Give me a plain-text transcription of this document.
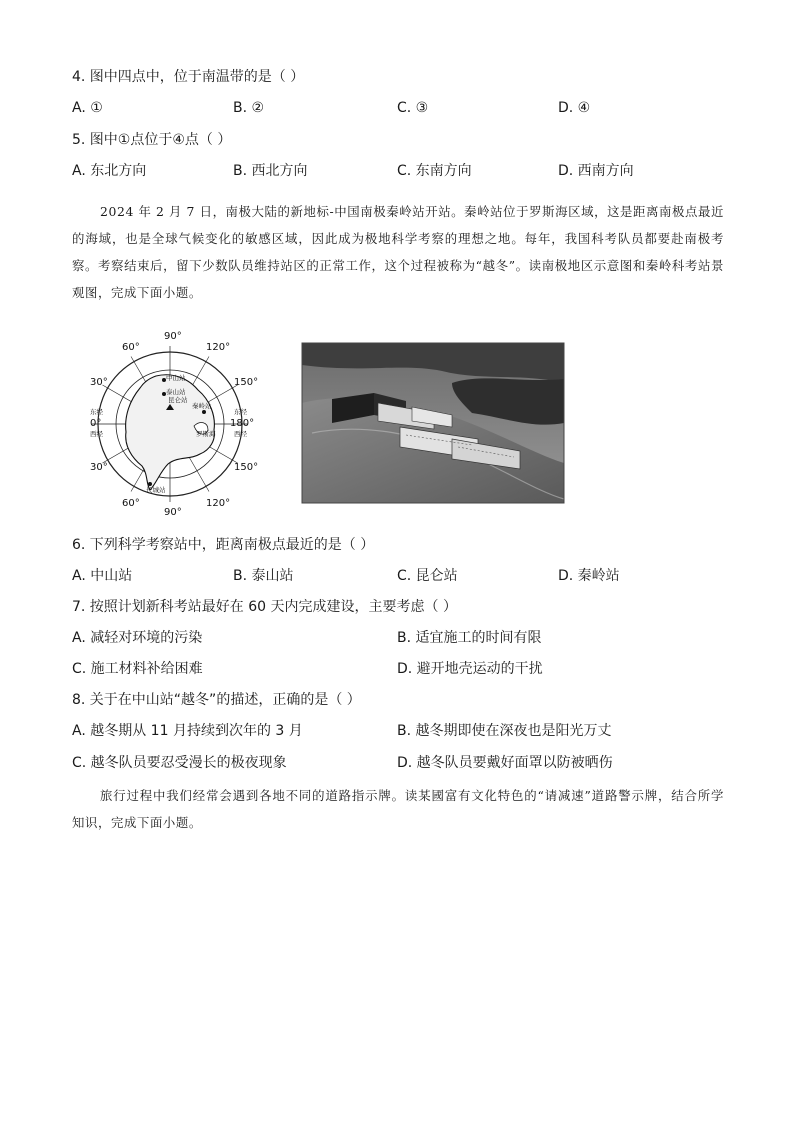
4. 图中四点中，位于南温带的是（ ）
A. ①	B. ②	C. ③	D. ④
5. 图中①点位于④点（ ）
A. 东北方向	B. 西北方向	C. 东南方向	D. 西南方向

2024 年 2 月 7 日，南极大陆的新地标-中国南极秦岭站开站。秦岭站位于罗斯海区域，这是距离南极点最近的海域，也是全球气候变化的敏感区域，因此成为极地科学考察的理想之地。每年，我国科考队员都要赴南极考察。考察结束后，留下少数队员维持站区的正常工作，这个过程被称为“越冬”。读南极地区示意图和秦岭科考站景观图，完成下面小题。

中山站
泰山站
昆仑站
秦岭站
罗斯海
长城站
90°
60°	120°
30°	150°
东经
0°
西经
东经
180°
西经
30°	150°
60°	120°
90°
6. 下列科学考察站中，距离南极点最近的是（ ）
A. 中山站	B. 泰山站	C. 昆仑站	D. 秦岭站
7. 按照计划新科考站最好在 60 天内完成建设，主要考虑（ ）
A. 减轻对环境的污染	B. 适宜施工的时间有限
C. 施工材料补给困难	D. 避开地壳运动的干扰
8. 关于在中山站“越冬”的描述，正确的是（ ）
A. 越冬期从 11 月持续到次年的 3 月	B. 越冬期即使在深夜也是阳光万丈
C. 越冬队员要忍受漫长的极夜现象	D. 越冬队员要戴好面罩以防被晒伤

旅行过程中我们经常会遇到各地不同的道路指示牌。读某國富有文化特色的“请减速”道路警示牌，结合所学知识，完成下面小题。
